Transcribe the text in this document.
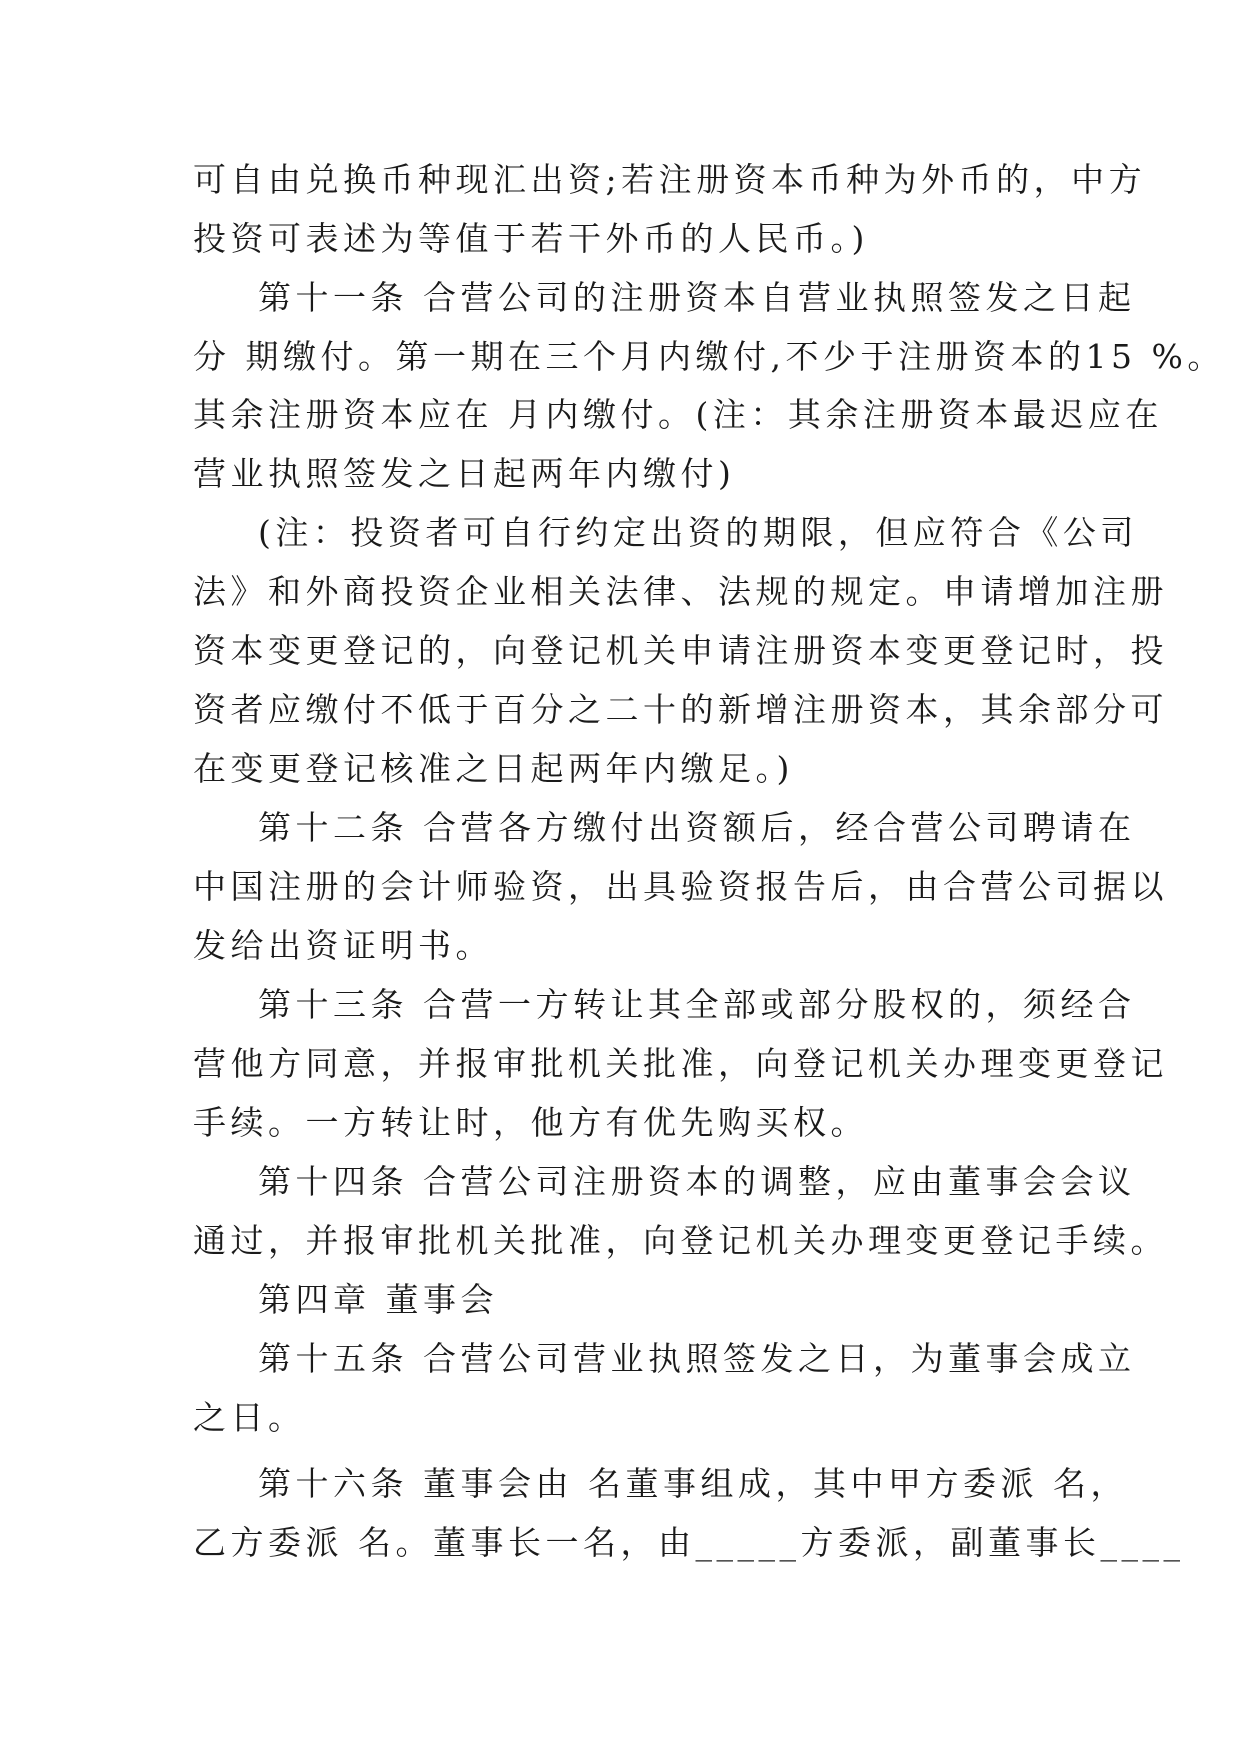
可自由兑换币种现汇出资;若注册资本币种为外币的，中方
投资可表述为等值于若干外币的人民币。)
第十一条 合营公司的注册资本自营业执照签发之日起
分 期缴付。第一期在三个月内缴付,不少于注册资本的15 %。
其余注册资本应在 月内缴付。(注：其余注册资本最迟应在
营业执照签发之日起两年内缴付)
(注：投资者可自行约定出资的期限，但应符合《公司
法》和外商投资企业相关法律、法规的规定。申请增加注册
资本变更登记的，向登记机关申请注册资本变更登记时，投
资者应缴付不低于百分之二十的新增注册资本，其余部分可
在变更登记核准之日起两年内缴足。)
第十二条 合营各方缴付出资额后，经合营公司聘请在
中国注册的会计师验资，出具验资报告后，由合营公司据以
发给出资证明书。
第十三条 合营一方转让其全部或部分股权的，须经合
营他方同意，并报审批机关批准，向登记机关办理变更登记
手续。一方转让时，他方有优先购买权。
第十四条 合营公司注册资本的调整，应由董事会会议
通过，并报审批机关批准，向登记机关办理变更登记手续。
第四章 董事会
第十五条 合营公司营业执照签发之日，为董事会成立
之日。
第十六条 董事会由 名董事组成，其中甲方委派 名，
乙方委派 名。董事长一名，由_____方委派，副董事长____
